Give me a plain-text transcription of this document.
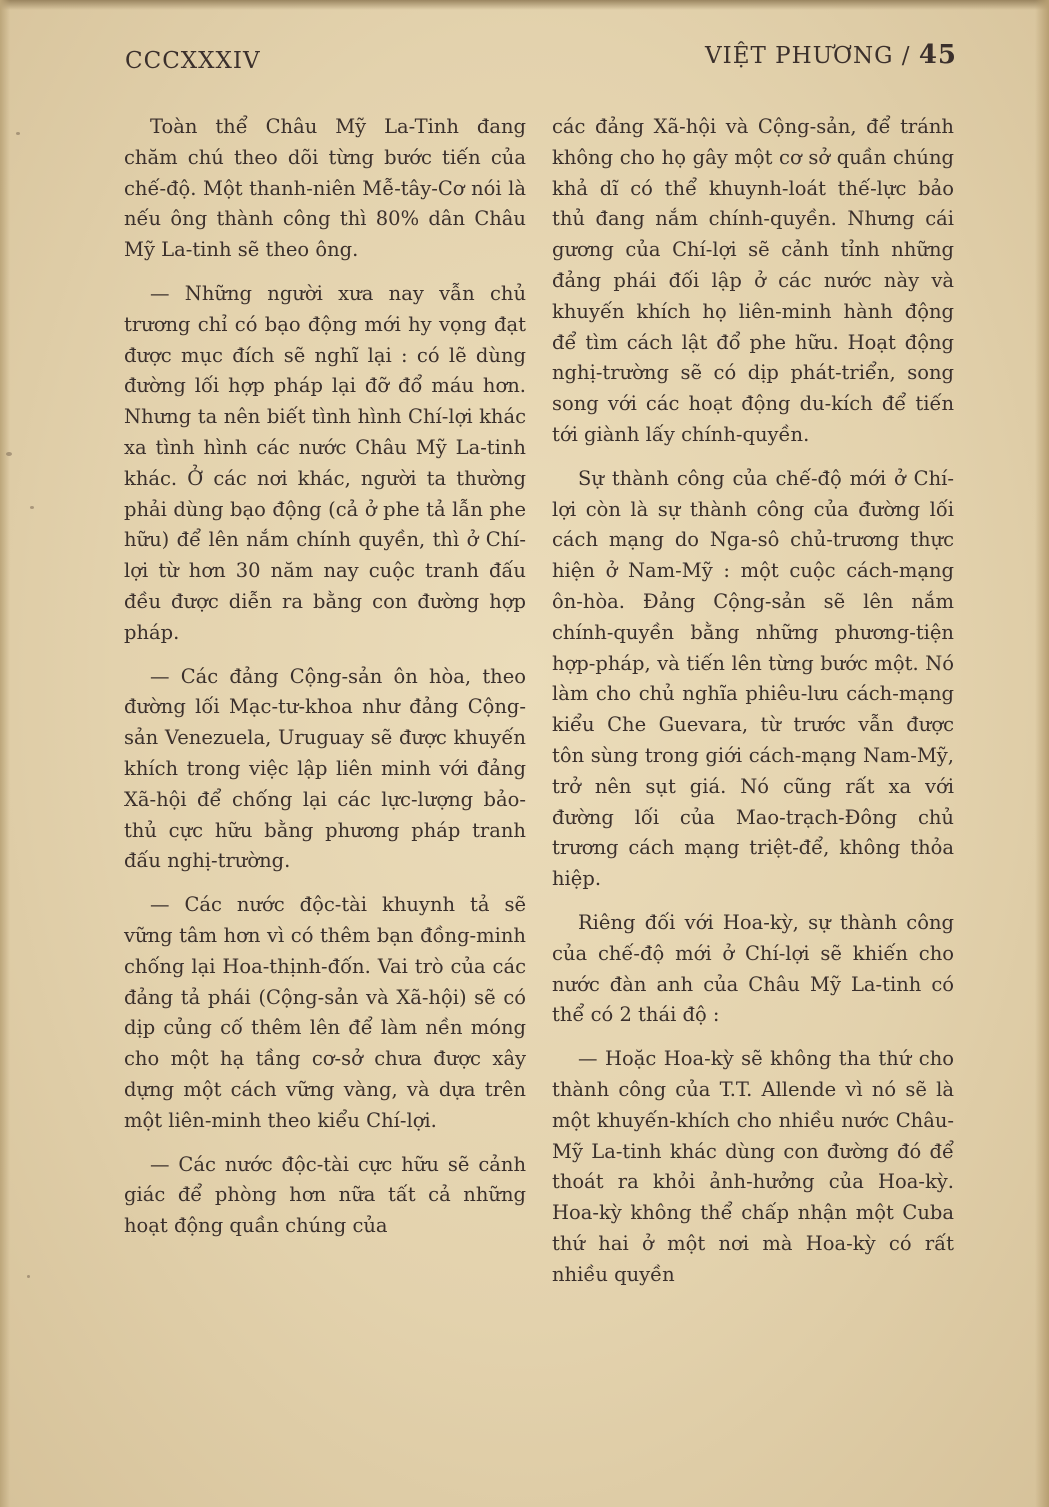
CCCXXXIV	VIỆT PHƯƠNG / 45

Toàn thể Châu Mỹ La-Tinh đang chăm chú theo dõi từng bước tiến của chế-độ. Một thanh-niên Mễ-tây-Cơ nói là nếu ông thành công thì 80% dân Châu Mỹ La-tinh sẽ theo ông.

— Những người xưa nay vẫn chủ trương chỉ có bạo động mới hy vọng đạt được mục đích sẽ nghĩ lại : có lẽ dùng đường lối hợp pháp lại đỡ đổ máu hơn. Nhưng ta nên biết tình hình Chí-lợi khác xa tình hình các nước Châu Mỹ La-tinh khác. Ở các nơi khác, người ta thường phải dùng bạo động (cả ở phe tả lẫn phe hữu) để lên nắm chính quyền, thì ở Chí-lợi từ hơn 30 năm nay cuộc tranh đấu đều được diễn ra bằng con đường hợp pháp.

— Các đảng Cộng-sản ôn hòa, theo đường lối Mạc-tư-khoa như đảng Cộng-sản Venezuela, Uruguay sẽ được khuyến khích trong việc lập liên minh với đảng Xã-hội để chống lại các lực-lượng bảo-thủ cực hữu bằng phương pháp tranh đấu nghị-trường.

— Các nước độc-tài khuynh tả sẽ vững tâm hơn vì có thêm bạn đồng-minh chống lại Hoa-thịnh-đốn. Vai trò của các đảng tả phái (Cộng-sản và Xã-hội) sẽ có dịp củng cố thêm lên để làm nền móng cho một hạ tầng cơ-sở chưa được xây dựng một cách vững vàng, và dựa trên một liên-minh theo kiểu Chí-lợi.

— Các nước độc-tài cực hữu sẽ cảnh giác để phòng hơn nữa tất cả những hoạt động quần chúng của

các đảng Xã-hội và Cộng-sản, để tránh không cho họ gây một cơ sở quần chúng khả dĩ có thể khuynh-loát thế-lực bảo thủ đang nắm chính-quyền. Nhưng cái gương của Chí-lợi sẽ cảnh tỉnh những đảng phái đối lập ở các nước này và khuyến khích họ liên-minh hành động để tìm cách lật đổ phe hữu. Hoạt động nghị-trường sẽ có dịp phát-triển, song song với các hoạt động du-kích để tiến tới giành lấy chính-quyền.

Sự thành công của chế-độ mới ở Chí-lợi còn là sự thành công của đường lối cách mạng do Nga-sô chủ-trương thực hiện ở Nam-Mỹ : một cuộc cách-mạng ôn-hòa. Đảng Cộng-sản sẽ lên nắm chính-quyền bằng những phương-tiện hợp-pháp, và tiến lên từng bước một. Nó làm cho chủ nghĩa phiêu-lưu cách-mạng kiểu Che Guevara, từ trước vẫn được tôn sùng trong giới cách-mạng Nam-Mỹ, trở nên sụt giá. Nó cũng rất xa với đường lối của Mao-trạch-Đông chủ trương cách mạng triệt-để, không thỏa hiệp.

Riêng đối với Hoa-kỳ, sự thành công của chế-độ mới ở Chí-lợi sẽ khiến cho nước đàn anh của Châu Mỹ La-tinh có thể có 2 thái độ :

— Hoặc Hoa-kỳ sẽ không tha thứ cho thành công của T.T. Allende vì nó sẽ là một khuyến-khích cho nhiều nước Châu-Mỹ La-tinh khác dùng con đường đó để thoát ra khỏi ảnh-hưởng của Hoa-kỳ. Hoa-kỳ không thể chấp nhận một Cuba thứ hai ở một nơi mà Hoa-kỳ có rất nhiều quyền
